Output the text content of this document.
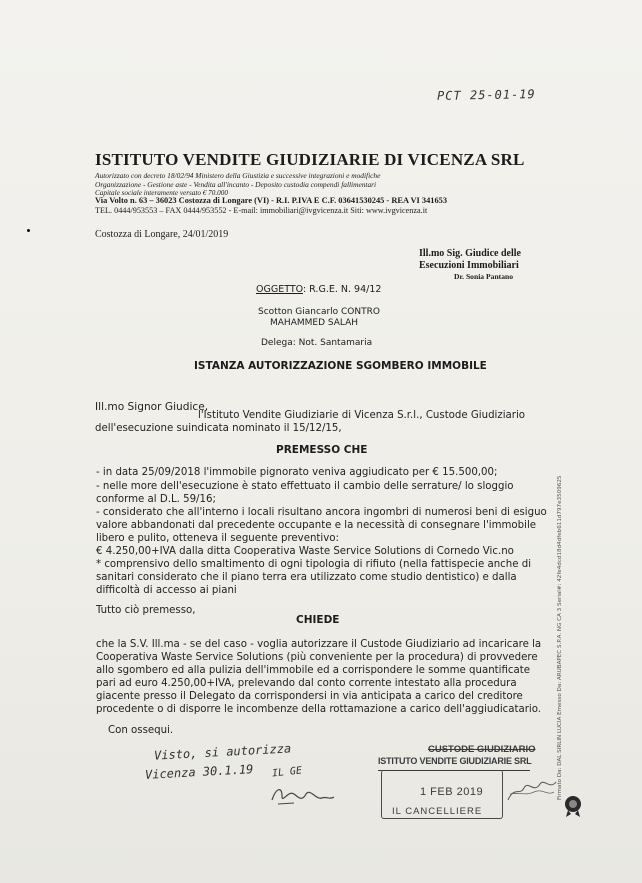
PCT 25-01-19
ISTITUTO VENDITE GIUDIZIARIE DI VICENZA SRL
Autorizzato con decreto 18/02/94 Ministero della Giustizia e successive integrazioni e modifiche
Organizzazione - Gestione aste - Vendita all'incanto - Deposito custodia compendi fallimentari
Capitale sociale interamente versato € 70.000
Via Volto n. 63 – 36023 Costozza di Longare (VI) - R.I. P.IVA E C.F. 03641530245 - REA VI 341653
TEL. 0444/953553 – FAX 0444/953552 - E-mail: immobiliari@ivgvicenza.it Siti: www.ivgvicenza.it
Costozza di Longare, 24/01/2019
Ill.mo Sig. Giudice delle
Esecuzioni Immobiliari
Dr. Sonia Pantano
OGGETTO: R.G.E. N. 94/12
Scotton Giancarlo CONTRO
MAHAMMED SALAH
Delega: Not. Santamaria
ISTANZA AUTORIZZAZIONE SGOMBERO IMMOBILE
Ill.mo Signor Giudice,
l'Istituto Vendite Giudiziarie di Vicenza S.r.l., Custode Giudiziario
dell'esecuzione suindicata nominato il 15/12/15,
PREMESSO CHE
- in data 25/09/2018 l'immobile pignorato veniva aggiudicato per € 15.500,00;
- nelle more dell'esecuzione è stato effettuato il cambio delle serrature/ lo sloggio
conforme al D.L. 59/16;
- considerato che all'interno i locali risultano ancora ingombri di numerosi beni di esiguo
valore abbandonati dal precedente occupante e la necessità di consegnare l'immobile
libero e pulito, otteneva il seguente preventivo:
€ 4.250,00+IVA dalla ditta Cooperativa Waste Service Solutions di Cornedo Vic.no
* comprensivo dello smaltimento di ogni tipologia di rifiuto (nella fattispecie anche di
sanitari considerato che il piano terra era utilizzato come studio dentistico) e dalla
difficoltà di accesso ai piani
Tutto ciò premesso,
CHIEDE
che la S.V. Ill.ma - se del caso - voglia autorizzare il Custode Giudiziario ad incaricare la
Cooperativa Waste Service Solutions (più conveniente per la procedura) di provvedere
allo sgombero ed alla pulizia dell'immobile ed a corrispondere le somme quantificate
pari ad euro 4.250,00+IVA, prelevando dal conto corrente intestato alla procedura
giacente presso il Delegato da corrispondersi in via anticipata a carico del creditore
procedente o di disporre le incombenze della rottamazione a carico dell'aggiudicatario.
Con ossequi.
Visto, si autorizza
Vicenza 30.1.19 IL GE
CUSTODE GIUDIZIARIO
ISTITUTO VENDITE GIUDIZIARIE SRL
1 FEB 2019
IL CANCELLIERE
Firmato Da: DAL SIRLIN LUCIA Emesso Da: ARUBAPEC S.P.A. NG CA 3 Serial#: 42fe4dcd18d4dfeb611d797e3509625
